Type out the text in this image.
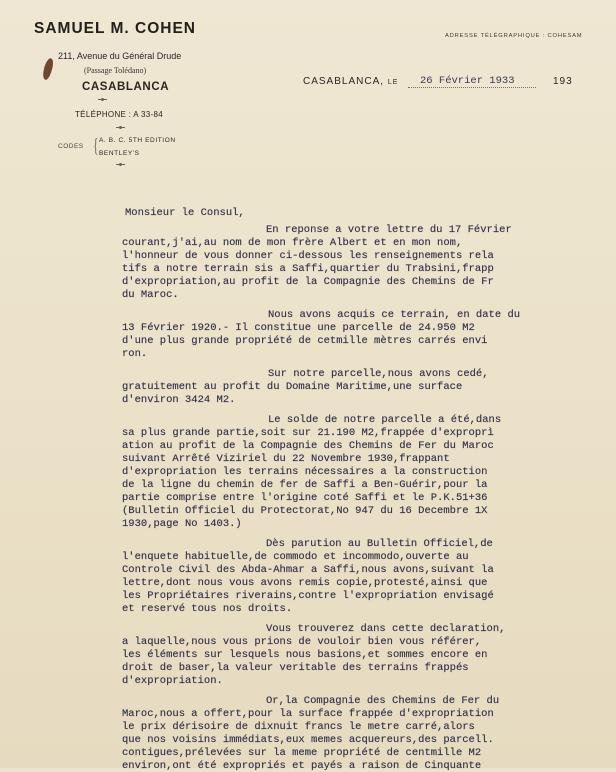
SAMUEL M. COHEN
211, Avenue du Général Drude
(Passage Tolédano)
CASABLANCA
TÉLÉPHONE : A 33-84
CODES { A. B. C. 5TH EDITION
BENTLEY'S
ADRESSE TÉLÉGRAPHIQUE : COHESAM
CASABLANCA, LE 26 Février 1933	193
Monsieur le Consul,
En reponse a votre lettre du 17 Février
courant,j'ai,au nom de mon frère Albert et en mon nom,
l'honneur de vous donner ci-dessous les renseignements rela
tifs a notre terrain sis a Saffi,quartier du Trabsini,frapp
d'expropriation,au profit de la Compagnie des Chemins de Fr
du Maroc.
Nous avons acquis ce terrain, en date du
13 Février 1920.- Il constitue une parcelle de 24.950 M2
d'une plus grande propriété de cetmille mètres carrés envi
ron.
Sur notre parcelle,nous avons cedé,
gratuitement au profit du Domaine Maritime,une surface
d'environ 3424 M2.
Le solde de notre parcelle a été,dans
sa plus grande partie,soit sur 21.190 M2,frappée d'exproprì
ation au profit de la Compagnie des Chemins de Fer du Maroc
suivant Arrêté Viziriel du 22 Novembre 1930,frappant
d'expropriation les terrains nécessaires a la construction
de la ligne du chemin de fer de Saffi a Ben-Guérir,pour la
partie comprise entre l'origine coté Saffi et le P.K.51+36
(Bulletin Officiel du Protectorat,No 947 du 16 Decembre 1X
1930,page No 1403.)
Dès parution au Bulletin Officiel,de
l'enquete habituelle,de commodo et incommodo,ouverte au
Controle Civil des Abda-Ahmar a Saffi,nous avons,suivant la
lettre,dont nous vous avons remis copie,protesté,ainsi que
les Propriétaires riverains,contre l'expropriation envisagé
et reservé tous nos droits.
Vous trouverez dans cette declaration,
a laquelle,nous vous prions de vouloir bien vous référer,
les éléments sur lesquels nous basions,et sommes encore en
droit de baser,la valeur veritable des terrains frappés
d'expropriation.
Or,la Compagnie des Chemins de Fer du
Maroc,nous a offert,pour la surface frappée d'expropriation
le prix dérisoire de dixnuit francs le metre carré,alors
que nos voisins immédiats,eux memes acquereurs,des parcell.
contigues,prélevées sur la meme propriété de centmille M2
environ,ont été expropriés et payés a raison de Cinquante
